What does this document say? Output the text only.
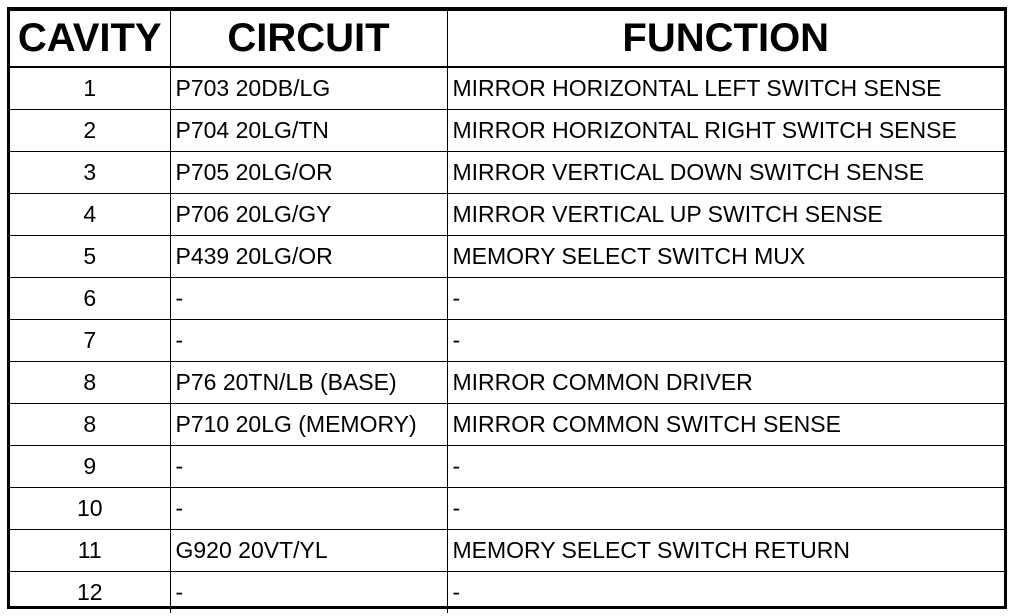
CAVITY	CIRCUIT	FUNCTION
1	P703 20DB/LG	MIRROR HORIZONTAL LEFT SWITCH SENSE
2	P704 20LG/TN	MIRROR HORIZONTAL RIGHT SWITCH SENSE
3	P705 20LG/OR	MIRROR VERTICAL DOWN SWITCH SENSE
4	P706 20LG/GY	MIRROR VERTICAL UP SWITCH SENSE
5	P439 20LG/OR	MEMORY SELECT SWITCH MUX
6	-	-
7	-	-
8	P76 20TN/LB (BASE)	MIRROR COMMON DRIVER
8	P710 20LG (MEMORY)	MIRROR COMMON SWITCH SENSE
9	-	-
10	-	-
11	G920 20VT/YL	MEMORY SELECT SWITCH RETURN
12	-	-
